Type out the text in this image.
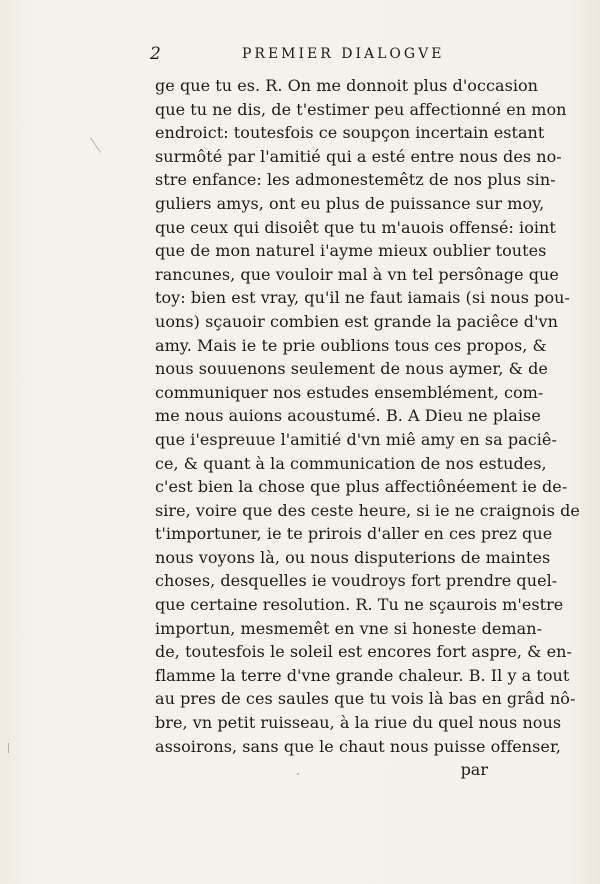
2	PREMIER DIALOGVE
ge que tu es. R. On me donnoit plus d'occasion
que tu ne dis, de t'estimer peu affectionné en mon
endroict: toutesfois ce soupçon incertain estant
surmôté par l'amitié qui a esté entre nous des no-
stre enfance: les admonestemêtz de nos plus sin-
guliers amys, ont eu plus de puissance sur moy,
que ceux qui disoiêt que tu m'auois offensé: ioint
que de mon naturel i'ayme mieux oublier toutes
rancunes, que vouloir mal à vn tel persônage que
toy: bien est vray, qu'il ne faut iamais (si nous pou-
uons) sçauoir combien est grande la paciêce d'vn
amy. Mais ie te prie oublions tous ces propos, &
nous souuenons seulement de nous aymer, & de
communiquer nos estudes ensemblément, com-
me nous auions acoustumé. B. A Dieu ne plaise
que i'espreuue l'amitié d'vn miê amy en sa paciê-
ce, & quant à la communication de nos estudes,
c'est bien la chose que plus affectiônéement ie de-
sire, voire que des ceste heure, si ie ne craignois de
t'importuner, ie te prirois d'aller en ces prez que
nous voyons là, ou nous disputerions de maintes
choses, desquelles ie voudroys fort prendre quel-
que certaine resolution. R. Tu ne sçaurois m'estre
importun, mesmemêt en vne si honeste deman-
de, toutesfois le soleil est encores fort aspre, & en-
flamme la terre d'vne grande chaleur. B. Il y a tout
au pres de ces saules que tu vois là bas en grâd nô-
bre, vn petit ruisseau, à la riue du quel nous nous
assoirons, sans que le chaut nous puisse offenser,
par
